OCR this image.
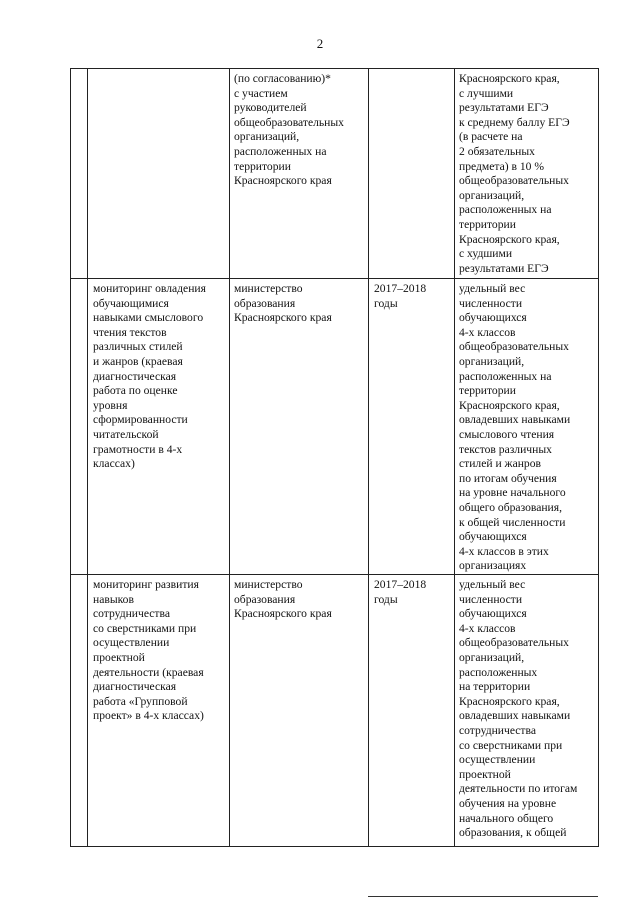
2
(по согласованию)*
с участием
руководителей
общеобразовательных
организаций,
расположенных на
территории
Красноярского края
Красноярского края,
с лучшими
результатами ЕГЭ
к среднему баллу ЕГЭ
(в расчете на
2 обязательных
предмета) в 10 %
общеобразовательных
организаций,
расположенных на
территории
Красноярского края,
с худшими
результатами ЕГЭ
мониторинг овладения
обучающимися
навыками смыслового
чтения текстов
различных стилей
и жанров (краевая
диагностическая
работа по оценке
уровня
сформированности
читательской
грамотности в 4-х
классах)
министерство
образования
Красноярского края
2017–2018
годы
удельный вес
численности
обучающихся
4-х классов
общеобразовательных
организаций,
расположенных на
территории
Красноярского края,
овладевших навыками
смыслового чтения
текстов различных
стилей и жанров
по итогам обучения
на уровне начального
общего образования,
к общей численности
обучающихся
4-х классов в этих
организациях
мониторинг развития
навыков
сотрудничества
со сверстниками при
осуществлении
проектной
деятельности (краевая
диагностическая
работа «Групповой
проект» в 4-х классах)
министерство
образования
Красноярского края
2017–2018
годы
удельный вес
численности
обучающихся
4-х классов
общеобразовательных
организаций,
расположенных
на территории
Красноярского края,
овладевших навыками
сотрудничества
со сверстниками при
осуществлении
проектной
деятельности по итогам
обучения на уровне
начального общего
образования, к общей
